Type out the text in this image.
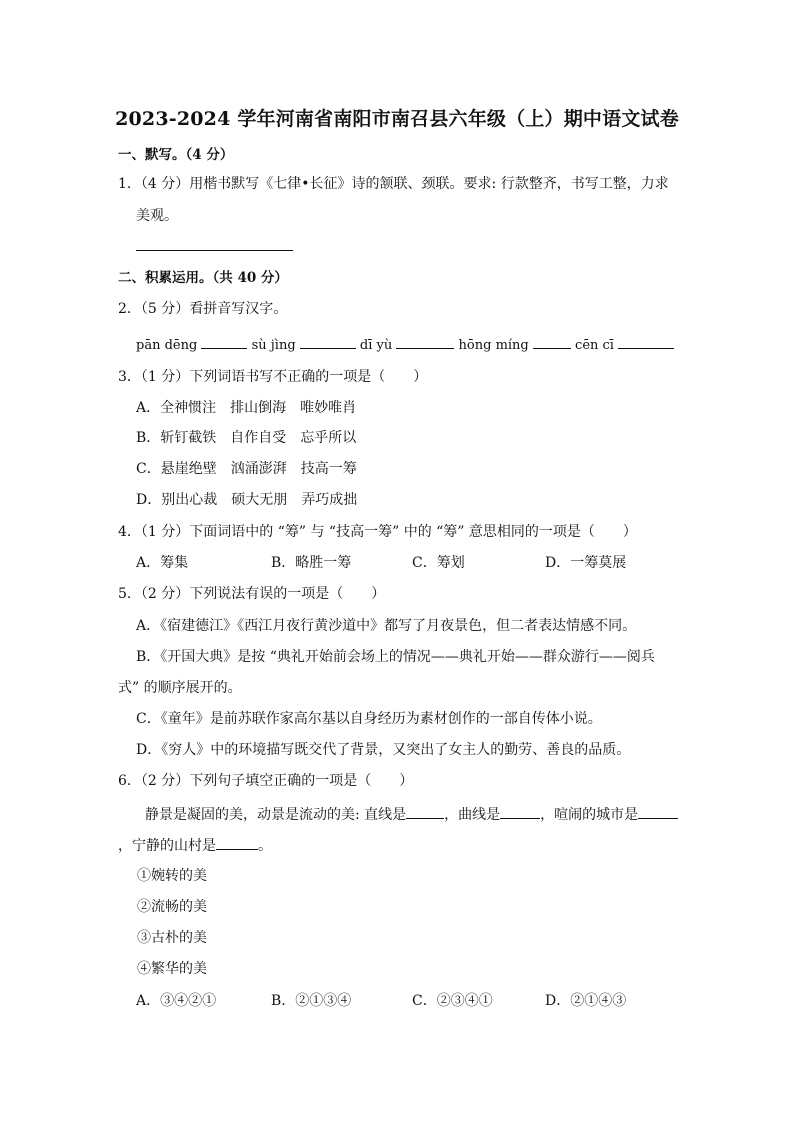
2023-2024 学年河南省南阳市南召县六年级（上）期中语文试卷
一、默写。（4 分）
1．（4 分）用楷书默写《七律•长征》诗的颔联、颈联。要求: 行款整齐，书写工整，力求
美观。
二、积累运用。（共 40 分）
2．（5 分）看拼音写汉字。
pān dēng	sù jìng	dī yù	hōng míng	cēn cī
3．（1 分）下列词语书写不正确的一项是（　　）
A．全神惯注　排山倒海　唯妙唯肖
B．斩钉截铁　自作自受　忘乎所以
C．悬崖绝壁　汹涌澎湃　技高一筹
D．别出心裁　硕大无朋　弄巧成拙
4．（1 分）下面词语中的 “筹” 与 “技高一筹” 中的 “筹” 意思相同的一项是（　　）
A．筹集	B．略胜一筹	C．筹划	D．一筹莫展
5．（2 分）下列说法有误的一项是（　　）
A．《宿建德江》《西江月夜行黄沙道中》都写了月夜景色，但二者表达情感不同。
B．《开国大典》是按 “典礼开始前会场上的情况——典礼开始——群众游行——阅兵
式” 的顺序展开的。
C．《童年》是前苏联作家高尔基以自身经历为素材创作的一部自传体小说。
D．《穷人》中的环境描写既交代了背景，又突出了女主人的勤劳、善良的品质。
6．（2 分）下列句子填空正确的一项是（　　）
静景是凝固的美，动景是流动的美: 直线是	，曲线是	，喧闹的城市是
，宁静的山村是	。
①婉转的美
②流畅的美
③古朴的美
④繁华的美
A．③④②①	B．②①③④	C．②③④①	D．②①④③
